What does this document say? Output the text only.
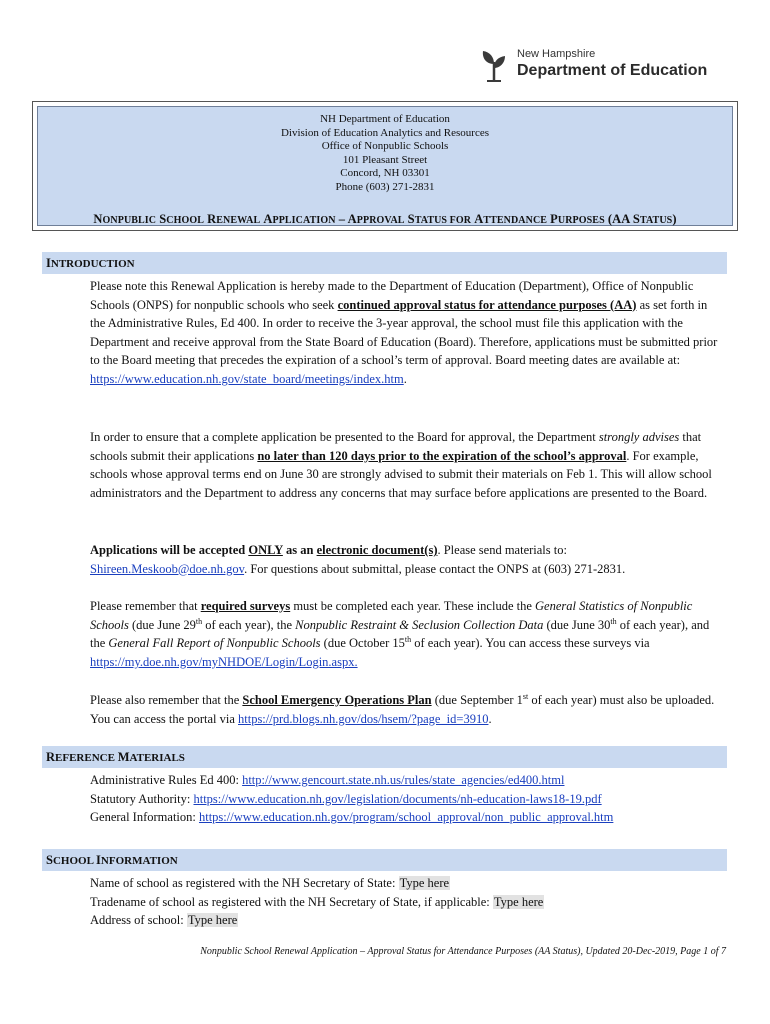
New Hampshire
Department of Education
NH Department of Education
Division of Education Analytics and Resources
Office of Nonpublic Schools
101 Pleasant Street
Concord, NH 03301
Phone (603) 271-2831
NONPUBLIC SCHOOL RENEWAL APPLICATION – APPROVAL STATUS FOR ATTENDANCE PURPOSES (AA STATUS)
INTRODUCTION

Please note this Renewal Application is hereby made to the Department of Education (Department), Office of Nonpublic Schools (ONPS) for nonpublic schools who seek continued approval status for attendance purposes (AA) as set forth in the Administrative Rules, Ed 400. In order to receive the 3-year approval, the school must file this application with the Department and receive approval from the State Board of Education (Board). Therefore, applications must be submitted prior to the Board meeting that precedes the expiration of a school’s term of approval. Board meeting dates are available at: https://www.education.nh.gov/state_board/meetings/index.htm.

In order to ensure that a complete application be presented to the Board for approval, the Department strongly advises that schools submit their applications no later than 120 days prior to the expiration of the school’s approval. For example, schools whose approval terms end on June 30 are strongly advised to submit their materials on Feb 1. This will allow school administrators and the Department to address any concerns that may surface before applications are presented to the Board.

Applications will be accepted ONLY as an electronic document(s). Please send materials to: Shireen.Meskoob@doe.nh.gov. For questions about submittal, please contact the ONPS at (603) 271-2831.

Please remember that required surveys must be completed each year. These include the General Statistics of Nonpublic Schools (due June 29th of each year), the Nonpublic Restraint & Seclusion Collection Data (due June 30th of each year), and the General Fall Report of Nonpublic Schools (due October 15th of each year). You can access these surveys via https://my.doe.nh.gov/myNHDOE/Login/Login.aspx.

Please also remember that the School Emergency Operations Plan (due September 1st of each year) must also be uploaded. You can access the portal via https://prd.blogs.nh.gov/dos/hsem/?page_id=3910.

REFERENCE MATERIALS

Administrative Rules Ed 400: http://www.gencourt.state.nh.us/rules/state_agencies/ed400.html

Statutory Authority: https://www.education.nh.gov/legislation/documents/nh-education-laws18-19.pdf

General Information: https://www.education.nh.gov/program/school_approval/non_public_approval.htm

SCHOOL INFORMATION

Name of school as registered with the NH Secretary of State: Type here

Tradename of school as registered with the NH Secretary of State, if applicable: Type here

Address of school: Type here

Nonpublic School Renewal Application – Approval Status for Attendance Purposes (AA Status), Updated 20-Dec-2019, Page 1 of 7
